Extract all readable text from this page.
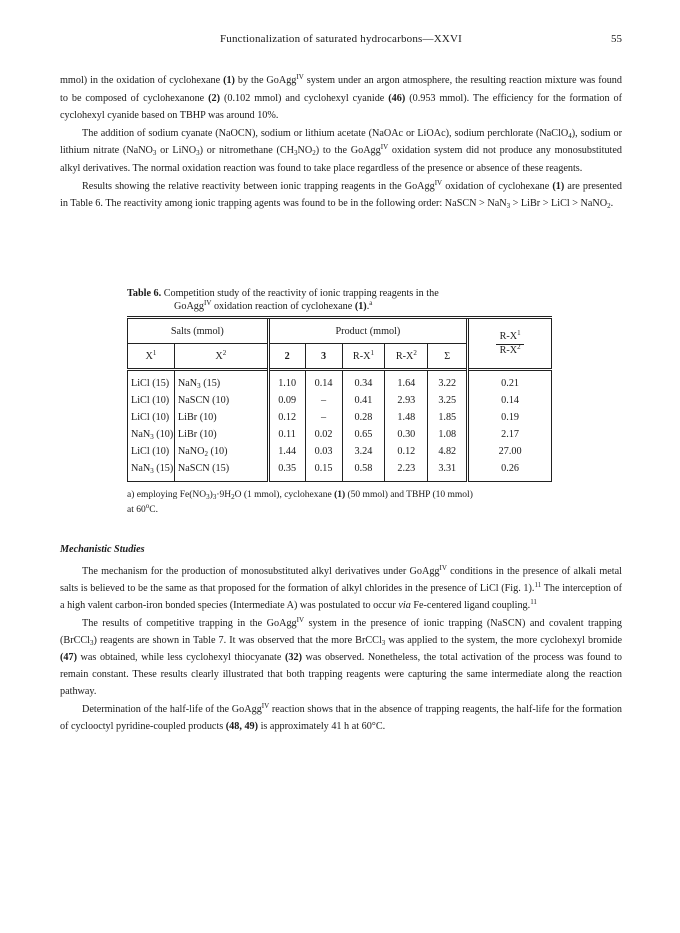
Functionalization of saturated hydrocarbons—XXVI	55

mmol) in the oxidation of cyclohexane (1) by the GoAgg$^{IV}$ system under an argon atmosphere, the resulting reaction mixture was found to be composed of cyclohexanone (2) (0.102 mmol) and cyclohexyl cyanide (46) (0.953 mmol). The efficiency for the formation of cyclohexyl cyanide based on TBHP was around 10%.

The addition of sodium cyanate (NaOCN), sodium or lithium acetate (NaOAc or LiOAc), sodium perchlorate (NaClO$_4$), sodium or lithium nitrate (NaNO$_3$ or LiNO$_3$) or nitromethane $(CH_3NO_2)$ to the GoAgg$^{IV}$ oxidation system did not produce any monosubstituted alkyl derivatives. The normal oxidation reaction was found to take place regardless of the presence or absence of these reagents.

Results showing the relative reactivity between ionic trapping reagents in the GoAgg$^{IV}$ oxidation of cyclohexane (1) are presented in Table 6. The reactivity among ionic trapping agents was found to be in the following order: NaSCN > NaN$_3$ > LiBr > LiCl > NaNO$_2$.

Table 6. Competition study of the reactivity of ionic trapping reagents in the
GoAgg$^{IV}$ oxidation reaction of cyclohexane (1).$^a$
Salts (mmol)		Product (mmol)					$R-X^1$
$R-X^2$

$X^1$	$X^2$	2	3	$R-X^1$	$R-X^2$	Σ	
LiCl (15)	NaN$_3$ (15)	1.10	0.14	0.34	1.64	3.22	0.21
LiCl (10)	NaSCN (10)	0.09	–	0.41	2.93	3.25	0.14
LiCl (10)	LiBr (10)	0.12	–	0.28	1.48	1.85	0.19
NaN$_3$ (10)	LiBr (10)	0.11	0.02	0.65	0.30	1.08	2.17
LiCl (10)	NaNO$_2$ (10)	1.44	0.03	3.24	0.12	4.82	27.00
NaN$_3$ (15)	NaSCN (15)	0.35	0.15	0.58	2.23	3.31	0.26
a) employing $Fe(NO_3)_3\cdot 9H_2O$ (1 mmol), cyclohexane (1) (50 mmol) and TBHP (10 mmol)
at 60$^o$C.
Mechanistic Studies

The mechanism for the production of monosubstituted alkyl derivatives under GoAgg$^{IV}$ conditions in the presence of alkali metal salts is believed to be the same as that proposed for the formation of alkyl chlorides in the presence of LiCl (Fig. 1).$^{11}$ The interception of a high valent carbon-iron bonded species (Intermediate A) was postulated to occur via Fe-centered ligand coupling.$^{11}$

The results of competitive trapping in the GoAgg$^{IV}$ system in the presence of ionic trapping (NaSCN) and covalent trapping (BrCCl$_3$) reagents are shown in Table 7. It was observed that the more BrCCl$_3$ was applied to the system, the more cyclohexyl bromide (47) was obtained, while less cyclohexyl thiocyanate (32) was observed. Nonetheless, the total activation of the process was found to remain constant. These results clearly illustrated that both trapping reagents were capturing the same intermediate along the reaction pathway.

Determination of the half-life of the GoAgg$^{IV}$ reaction shows that in the absence of trapping reagents, the half-life for the formation of cyclooctyl pyridine-coupled products (48, 49) is approximately 41 h at 60°C.
